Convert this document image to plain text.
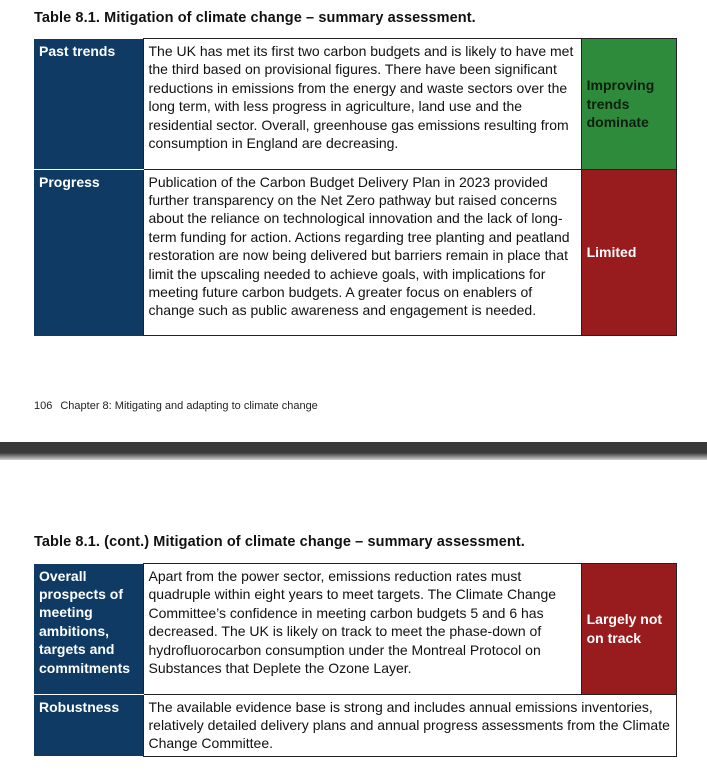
Table 8.1. Mitigation of climate change – summary assessment.
Past trends	The UK has met its first two carbon budgets and is likely to have met the third based on provisional figures. There have been significant reductions in emissions from the energy and waste sectors over the long term, with less progress in agriculture, land use and the residential sector. Overall, greenhouse gas emissions resulting from consumption in England are decreasing.	Improving trends dominate
Progress	Publication of the Carbon Budget Delivery Plan in 2023 provided further transparency on the Net Zero pathway but raised concerns about the reliance on technological innovation and the lack of long-term funding for action. Actions regarding tree planting and peatland restoration are now being delivered but barriers remain in place that limit the upscaling needed to achieve goals, with implications for meeting future carbon budgets. A greater focus on enablers of change such as public awareness and engagement is needed.	Limited
106 Chapter 8: Mitigating and adapting to climate change
Table 8.1. (cont.) Mitigation of climate change – summary assessment.
Overall prospects of meeting ambitions, targets and commitments	Apart from the power sector, emissions reduction rates must quadruple within eight years to meet targets. The Climate Change Committee’s confidence in meeting carbon budgets 5 and 6 has decreased. The UK is likely on track to meet the phase-down of hydrofluorocarbon consumption under the Montreal Protocol on Substances that Deplete the Ozone Layer.	Largely not on track
Robustness	The available evidence base is strong and includes annual emissions inventories, relatively detailed delivery plans and annual progress assessments from the Climate Change Committee.	
